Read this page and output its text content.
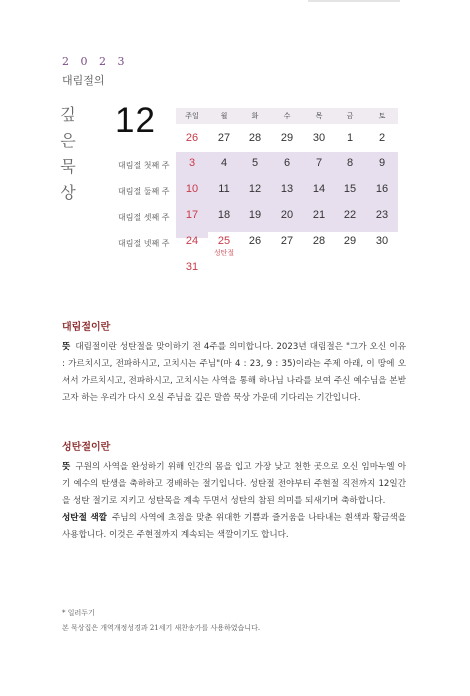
2 0 2 3
대림절의
깊
은
묵
상
12
대림절 첫째 주
대림절 둘째 주
대림절 셋째 주
대림절 넷째 주
주일	월	화	수	목	금	토
26	27	28	29	30	1	2
3	4	5	6	7	8	9
10	11	12	13	14	15	16
17	18	19	20	21	22	23
24	25	26	27	28	29	30
31
성탄절
대림절이란

뜻 대림절이란 성탄절을 맞이하기 전 4주를 의미합니다. 2023년 대림절은 "그가 오신 이유 : 가르치시고, 전파하시고, 고치시는 주님"(마 4 : 23, 9 : 35)이라는 주제 아래, 이 땅에 오셔서 가르치시고, 전파하시고, 고치시는 사역을 통해 하나님 나라를 보여 주신 예수님을 본받고자 하는 우리가 다시 오실 주님을 깊은 말씀 묵상 가운데 기다리는 기간입니다.

성탄절이란

뜻 구원의 사역을 완성하기 위해 인간의 몸을 입고 가장 낮고 천한 곳으로 오신 임마누엘 아기 예수의 탄생을 축하하고 경배하는 절기입니다. 성탄절 전야부터 주현절 직전까지 12일간을 성탄 절기로 지키고 성탄목을 계속 두면서 성탄의 참된 의미를 되새기며 축하합니다.

성탄절 색깔 주님의 사역에 초점을 맞춘 위대한 기쁨과 즐거움을 나타내는 흰색과 황금색을 사용합니다. 이것은 주현절까지 계속되는 색깔이기도 합니다.

* 일러두기
본 묵상집은 개역개정성경과 21세기 새찬송가를 사용하였습니다.
